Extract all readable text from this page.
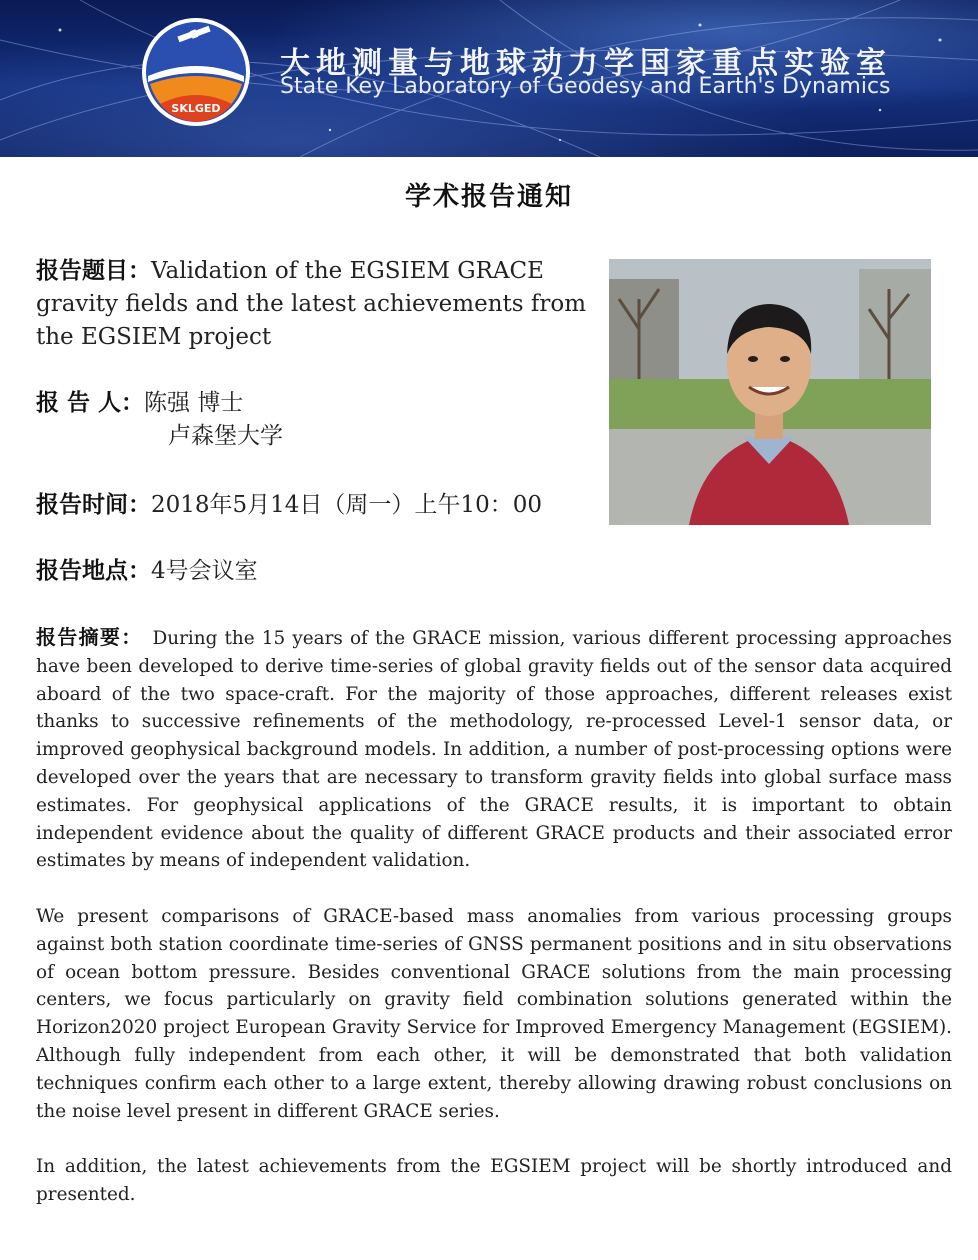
SKLGED
大地测量与地球动力学国家重点实验室
State Key Laboratory of Geodesy and Earth's Dynamics
学术报告通知
报告题目：Validation of the EGSIEM GRACE gravity fields and the latest achievements from the EGSIEM project
报 告 人：陈强 博士
卢森堡大学
报告时间：2018年5月14日（周一）上午10：00
报告地点：4号会议室

报告摘要： During the 15 years of the GRACE mission, various different processing approaches have been developed to derive time-series of global gravity fields out of the sensor data acquired aboard of the two space-craft. For the majority of those approaches, different releases exist thanks to successive refinements of the methodology, re-processed Level-1 sensor data, or improved geophysical background models. In addition, a number of post-processing options were developed over the years that are necessary to transform gravity fields into global surface mass estimates. For geophysical applications of the GRACE results, it is important to obtain independent evidence about the quality of different GRACE products and their associated error estimates by means of independent validation.

We present comparisons of GRACE-based mass anomalies from various processing groups against both station coordinate time-series of GNSS permanent positions and in situ observations of ocean bottom pressure. Besides conventional GRACE solutions from the main processing centers, we focus particularly on gravity field combination solutions generated within the Horizon2020 project European Gravity Service for Improved Emergency Management (EGSIEM). Although fully independent from each other, it will be demonstrated that both validation techniques confirm each other to a large extent, thereby allowing drawing robust conclusions on the noise level present in different GRACE series.

In addition, the latest achievements from the EGSIEM project will be shortly introduced and presented.
